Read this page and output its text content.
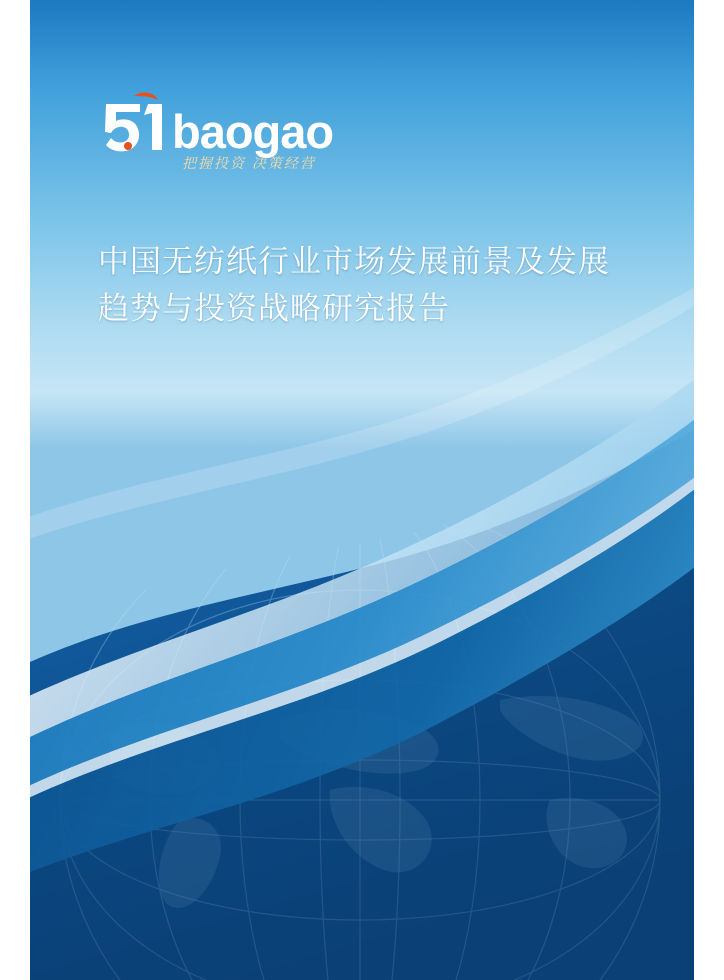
baogao
把握投资 决策经营
中国无纺纸行业市场发展前景及发展
趋势与投资战略研究报告
